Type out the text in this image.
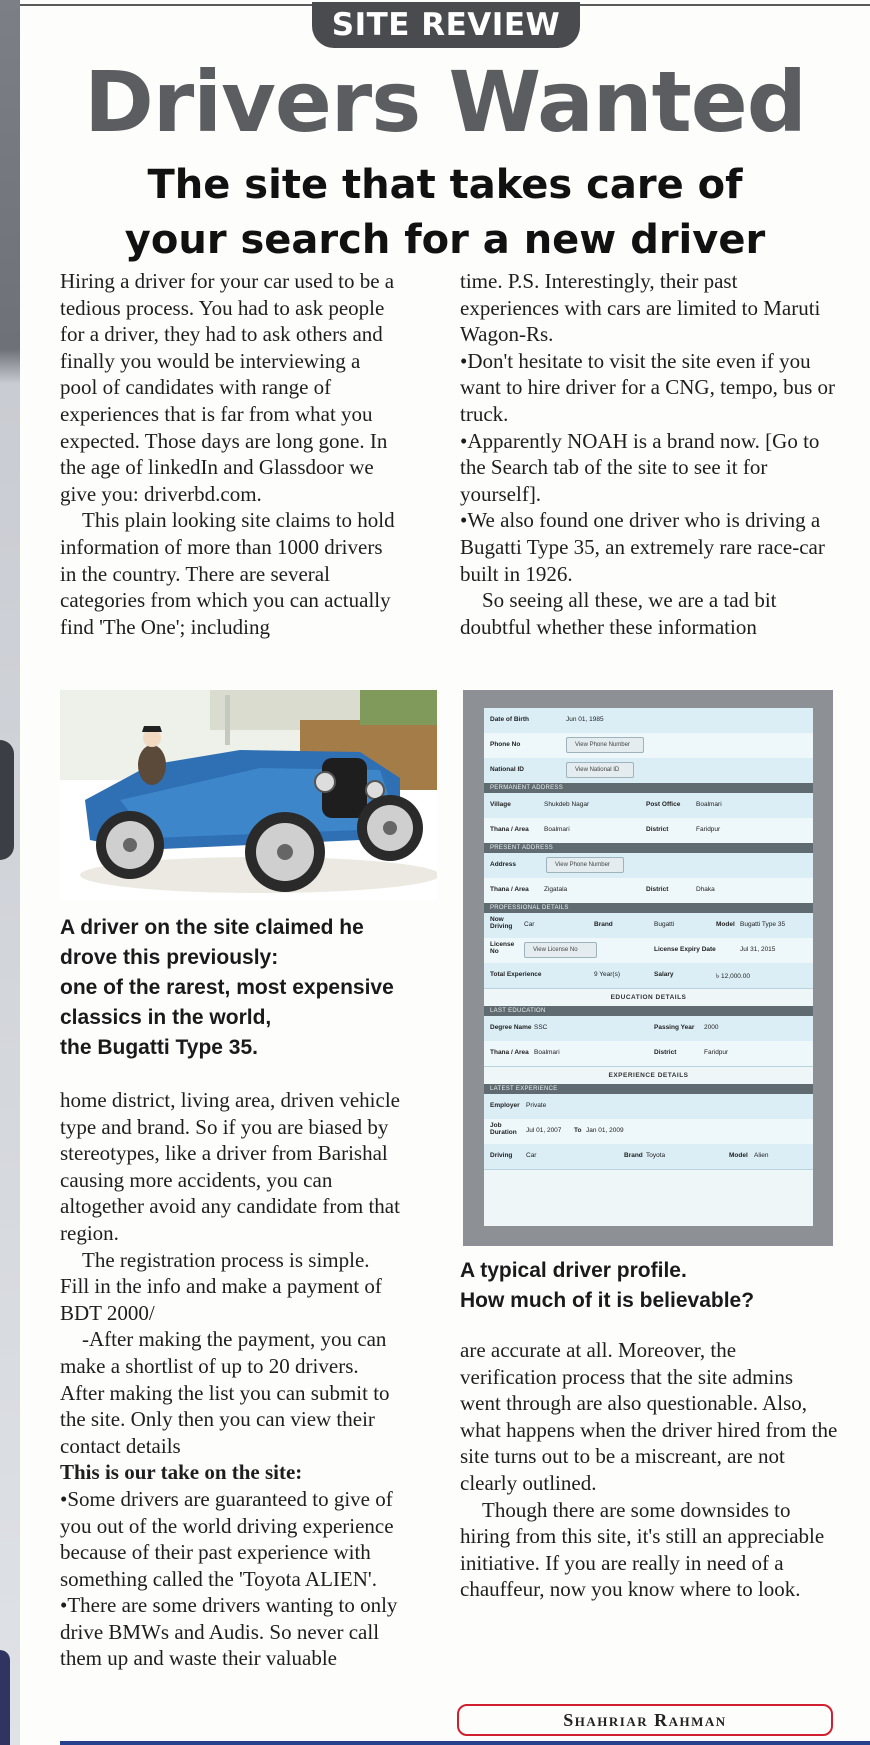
SITE REVIEW
Drivers Wanted
The site that takes care of
your search for a new driver

Hiring a driver for your car used to be a tedious process. You had to ask people for a driver, they had to ask others and finally you would be interviewing a pool of candidates with range of experiences that is far from what you expected. Those days are long gone. In the age of linkedIn and Glassdoor we give you: driverbd.com.

This plain looking site claims to hold information of more than 1000 drivers in the country. There are several categories from which you can actually find 'The One'; including

time. P.S. Interestingly, their past experiences with cars are limited to Maruti Wagon-Rs.

•Don't hesitate to visit the site even if you want to hire driver for a CNG, tempo, bus or truck.

•Apparently NOAH is a brand now. [Go to the Search tab of the site to see it for yourself].

•We also found one driver who is driving a Bugatti Type 35, an extremely rare race-car built in 1926.

So seeing all these, we are a tad bit doubtful whether these information

A driver on the site claimed he
drove this previously:
one of the rarest, most expensive
classics in the world,
the Bugatti Type 35.

home district, living area, driven vehicle type and brand. So if you are biased by stereotypes, like a driver from Barishal causing more accidents, you can altogether avoid any candidate from that region.

The registration process is simple. Fill in the info and make a payment of BDT 2000/

-After making the payment, you can make a shortlist of up to 20 drivers. After making the list you can submit to the site. Only then you can view their contact details

This is our take on the site:

•Some drivers are guaranteed to give of you out of the world driving experience because of their past experience with something called the 'Toyota ALIEN'.

•There are some drivers wanting to only drive BMWs and Audis. So never call them up and waste their valuable

Date of Birth	Jun 01, 1985
Phone No	View Phone Number
National ID	View National ID
PERMANENT ADDRESS
Village	Shukdeb Nagar	Post Office Boalmari
Thana / Area Boalmari	District	Faridpur
PRESENT ADDRESS
Address	View Phone Number
Thana / Area Zigatala	District	Dhaka
PROFESSIONAL DETAILS
Now Driving Car	Brand	Bugatti	Model Bugatti Type 35
License No	View License No	License Expiry Date	Jul 31, 2015
Total Experience	9 Year(s)	Salary	৳ 12,000.00
EDUCATION DETAILS
LAST EDUCATION
Degree Name SSC	Passing Year 2000
Thana / Area Boalmari	District	Faridpur
EXPERIENCE DETAILS
LATEST EXPERIENCE
Employer Private
Job Duration Jul 01, 2007 To Jan 01, 2009
Driving Car	Brand Toyota	Model Alien
A typical driver profile.
How much of it is believable?

are accurate at all. Moreover, the verification process that the site admins went through are also questionable. Also, what happens when the driver hired from the site turns out to be a miscreant, are not clearly outlined.

Though there are some downsides to hiring from this site, it's still an appreciable initiative. If you are really in need of a chauffeur, now you know where to look.

Shahriar Rahman
